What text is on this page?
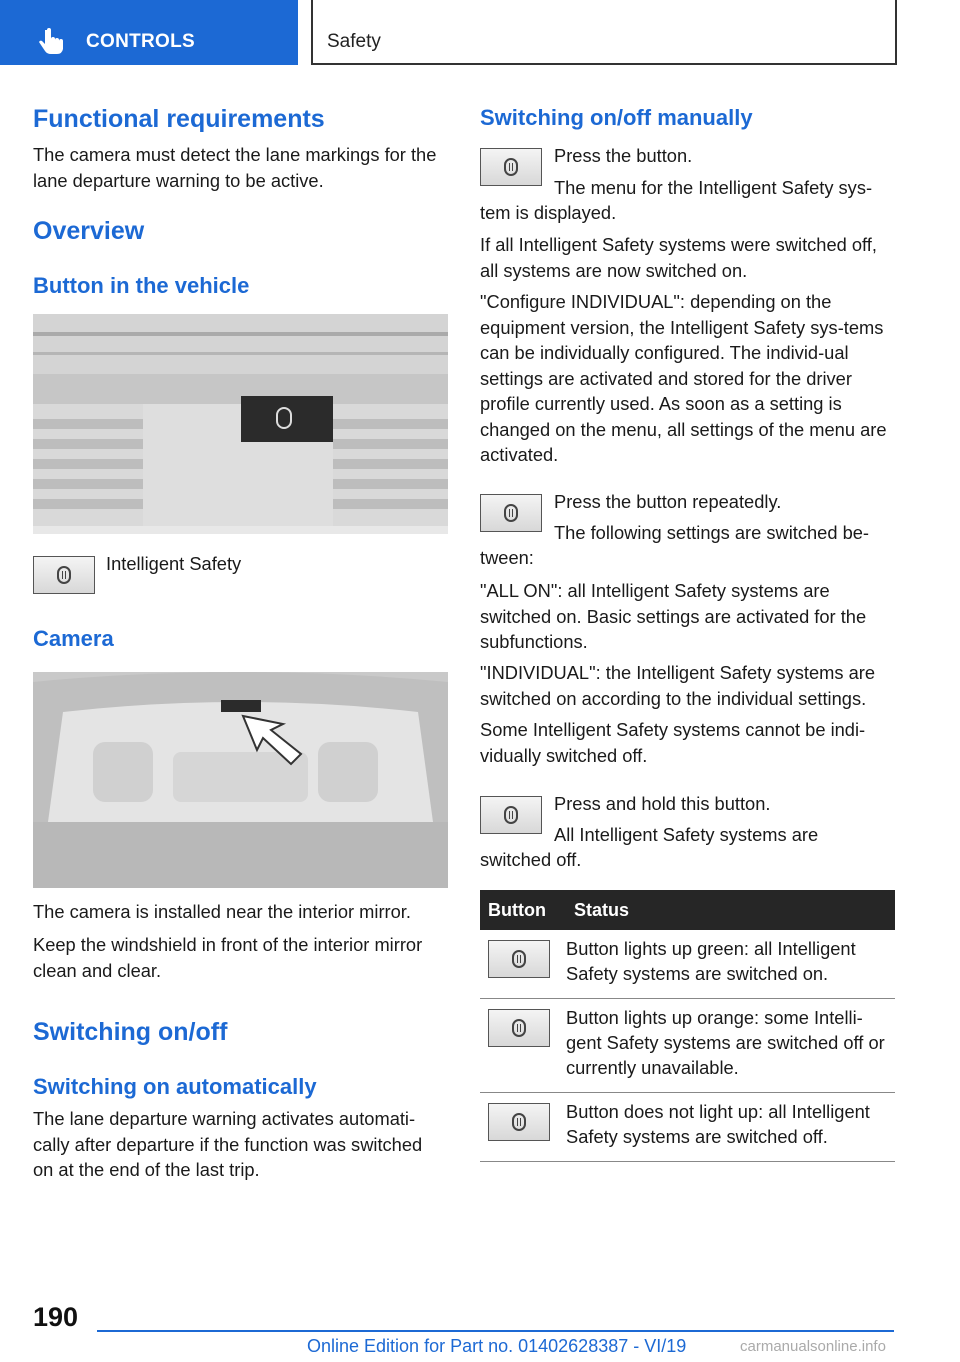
CONTROLS	Safety
Functional requirements

The camera must detect the lane markings for the lane departure warning to be active.

Overview
Button in the vehicle

Intelligent Safety

Camera

The camera is installed near the interior mirror.

Keep the windshield in front of the interior mirror clean and clear.

Switching on/off
Switching on automatically

The lane departure warning activates automati-cally after departure if the function was switched on at the end of the last trip.

Switching on/off manually

Press the button.

The menu for the Intelligent Safety sys-

tem is displayed.

If all Intelligent Safety systems were switched off, all systems are now switched on.

"Configure INDIVIDUAL": depending on the equipment version, the Intelligent Safety sys-tems can be individually configured. The individ-ual settings are activated and stored for the driver profile currently used. As soon as a setting is changed on the menu, all settings of the menu are activated.

Press the button repeatedly.

The following settings are switched be-

tween:

"ALL ON": all Intelligent Safety systems are switched on. Basic settings are activated for the subfunctions.

"INDIVIDUAL": the Intelligent Safety systems are switched on according to the individual settings.

Some Intelligent Safety systems cannot be indi-vidually switched off.

Press and hold this button.

All Intelligent Safety systems are

switched off.

Button	Status

	Button lights up green: all Intelligent Safety systems are switched on.

	Button lights up orange: some Intelli-gent Safety systems are switched off or currently unavailable.

	Button does not light up: all Intelligent Safety systems are switched off.
190
Online Edition for Part no. 01402628387 - VI/19	carmanualsonline.info
